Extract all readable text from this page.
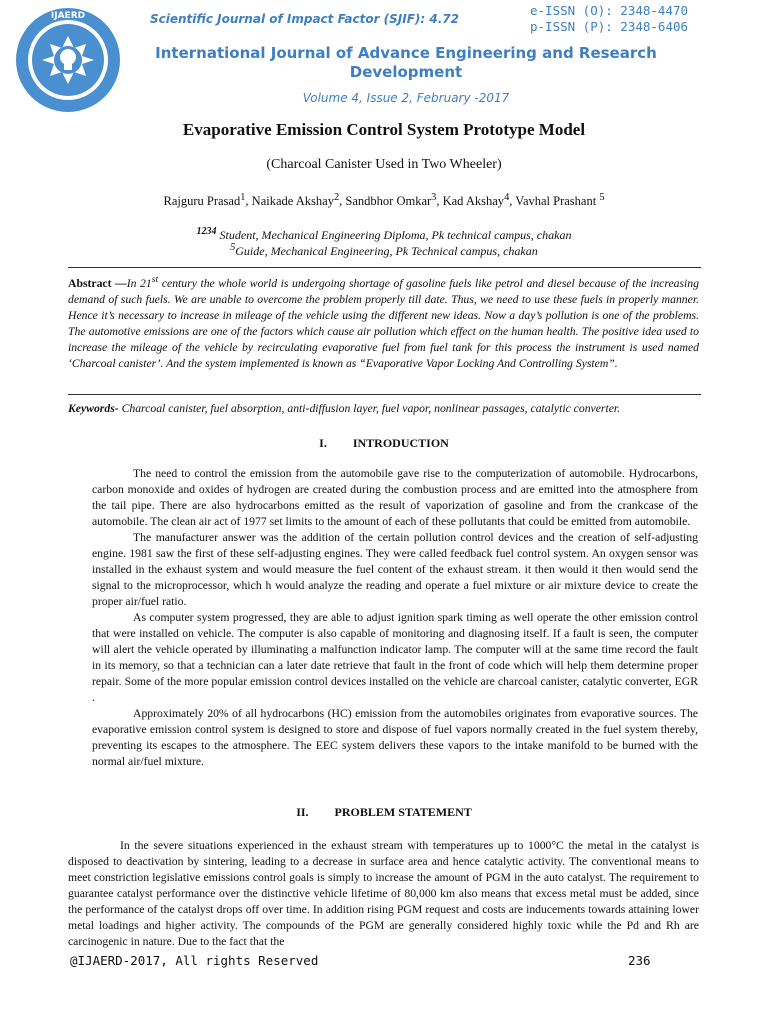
IJAERD	Scientific Journal of Impact Factor (SJIF): 4.72
e-ISSN (O): 2348-4470
p-ISSN (P): 2348-6406
International Journal of Advance Engineering and Research
Development
Volume 4, Issue 2, February -2017
Evaporative Emission Control System Prototype Model
(Charcoal Canister Used in Two Wheeler)
Rajguru Prasad$^1$, Naikade Akshay$^2$, Sandbhor Omkar$^3$, Kad Akshay$^4$, Vavhal Prashant $^5$
$^{1234}$ Student, Mechanical Engineering Diploma, Pk technical campus, chakan
$^5$Guide, Mechanical Engineering, Pk Technical campus, chakan
Abstract —In 21st century the whole world is undergoing shortage of gasoline fuels like petrol and diesel because of the increasing demand of such fuels. We are unable to overcome the problem properly till date. Thus, we need to use these fuels in properly manner. Hence it’s necessary to increase in mileage of the vehicle using the different new ideas. Now a day’s pollution is one of the problems. The automotive emissions are one of the factors which cause air pollution which effect on the human health. The positive idea used to increase the mileage of the vehicle by recirculating evaporative fuel from fuel tank for this process the instrument is used named ‘Charcoal canister’. And the system implemented is known as “Evaporative Vapor Locking And Controlling System”.
Keywords- Charcoal canister, fuel absorption, anti-diffusion layer, fuel vapor, nonlinear passages, catalytic converter.
I. INTRODUCTION

The need to control the emission from the automobile gave rise to the computerization of automobile. Hydrocarbons, carbon monoxide and oxides of hydrogen are created during the combustion process and are emitted into the atmosphere from the tail pipe. There are also hydrocarbons emitted as the result of vaporization of gasoline and from the crankcase of the automobile. The clean air act of 1977 set limits to the amount of each of these pollutants that could be emitted from automobile.

The manufacturer answer was the addition of the certain pollution control devices and the creation of self-adjusting engine. 1981 saw the first of these self-adjusting engines. They were called feedback fuel control system. An oxygen sensor was installed in the exhaust system and would measure the fuel content of the exhaust stream. it then would it then would send the signal to the microprocessor, which h would analyze the reading and operate a fuel mixture or air mixture device to create the proper air/fuel ratio.

As computer system progressed, they are able to adjust ignition spark timing as well operate the other emission control that were installed on vehicle. The computer is also capable of monitoring and diagnosing itself. If a fault is seen, the computer will alert the vehicle operated by illuminating a malfunction indicator lamp. The computer will at the same time record the fault in its memory, so that a technician can a later date retrieve that fault in the front of code which will help them determine proper repair. Some of the more popular emission control devices installed on the vehicle are charcoal canister, catalytic converter, EGR .

Approximately 20% of all hydrocarbons (HC) emission from the automobiles originates from evaporative sources. The evaporative emission control system is designed to store and dispose of fuel vapors normally created in the fuel system thereby, preventing its escapes to the atmosphere. The EEC system delivers these vapors to the intake manifold to be burned with the normal air/fuel mixture.

II. PROBLEM STATEMENT

In the severe situations experienced in the exhaust stream with temperatures up to 1000°C the metal in the catalyst is disposed to deactivation by sintering, leading to a decrease in surface area and hence catalytic activity. The conventional means to meet constriction legislative emissions control goals is simply to increase the amount of PGM in the auto catalyst. The requirement to guarantee catalyst performance over the distinctive vehicle lifetime of 80,000 km also means that excess metal must be added, since the performance of the catalyst drops off over time. In addition rising PGM request and costs are inducements towards attaining lower metal loadings and higher activity. The compounds of the PGM are generally considered highly toxic while the Pd and Rh are carcinogenic in nature. Due to the fact that the

@IJAERD-2017, All rights Reserved	236
